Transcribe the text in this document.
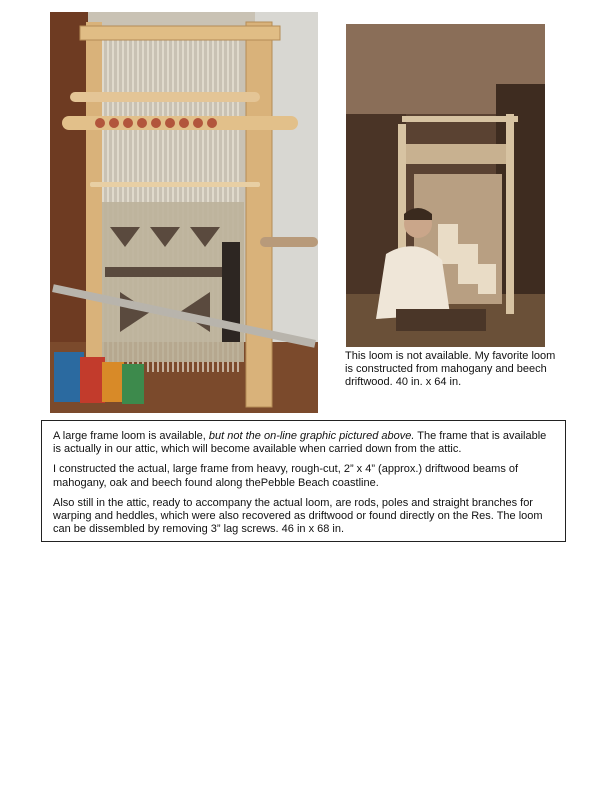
This loom is not available. My favorite loom is constructed from mahogany and beech driftwood. 40 in. x 64 in.

A large frame loom is available, but not the on-line graphic pictured above. The frame that is available is actually in our attic, which will become available when carried down from the attic.

I constructed the actual, large frame from heavy, rough-cut, 2” x 4” (approx.) driftwood beams of mahogany, oak and beech found along thePebble Beach coastline.

Also still in the attic, ready to accompany the actual loom, are rods, poles and straight branches for warping and heddles, which were also recovered as driftwood or found directly on the Res. The loom can be dissembled by removing 3” lag screws. 46 in x 68 in.
